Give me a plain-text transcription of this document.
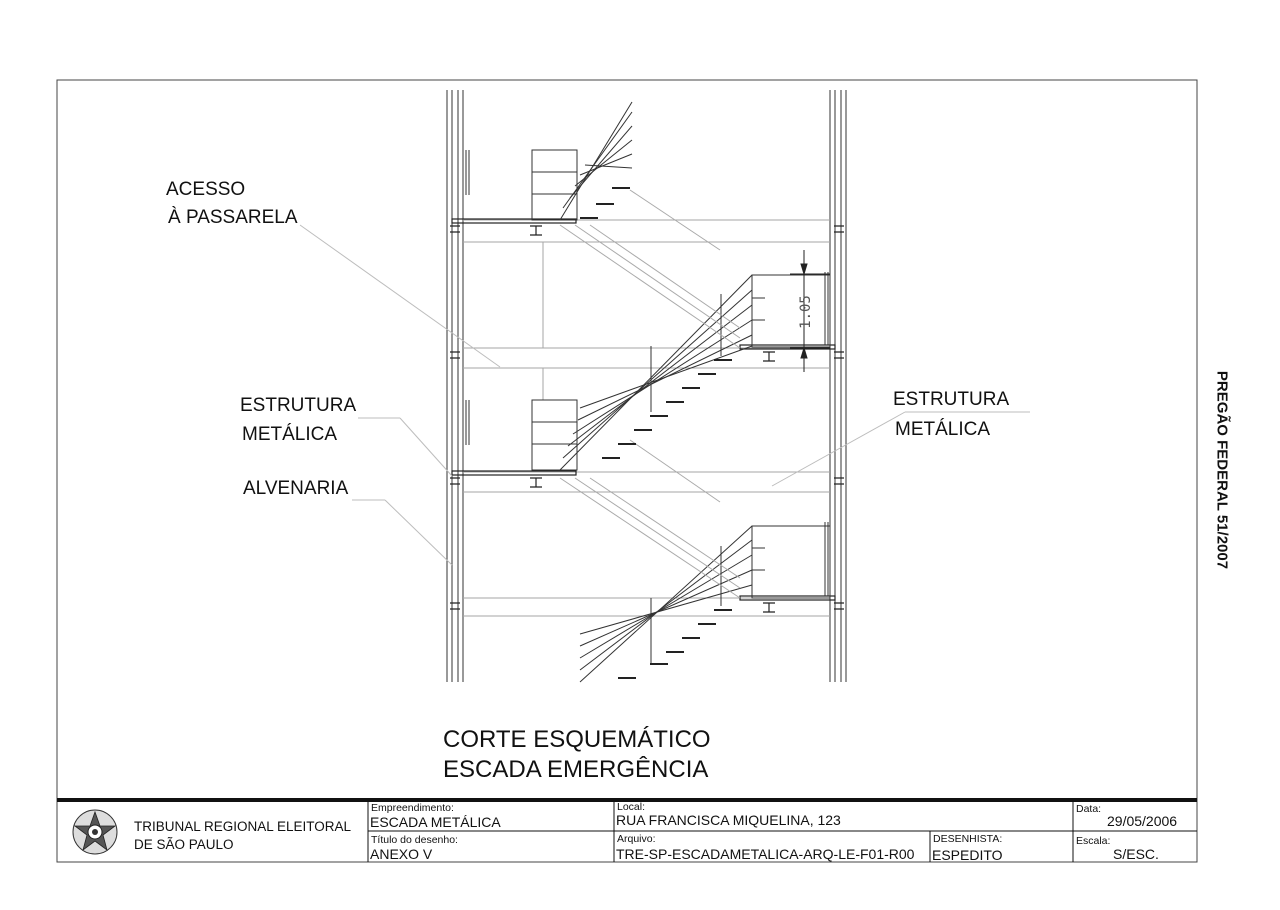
ACESSO
À PASSARELA
ESTRUTURA
METÁLICA
ALVENARIA
ESTRUTURA
METÁLICA
1.05
CORTE ESQUEMÁTICO
ESCADA EMERGÊNCIA
PREGÃO FEDERAL 51/2007
TRIBUNAL REGIONAL ELEITORAL
DE SÃO PAULO
Empreendimento:
ESCADA METÁLICA
Título do desenho:
ANEXO V
Local:
RUA FRANCISCA MIQUELINA, 123
Arquivo:
TRE-SP-ESCADAMETALICA-ARQ-LE-F01-R00
DESENHISTA:
ESPEDITO
Data:
29/05/2006
Escala:
S/ESC.
